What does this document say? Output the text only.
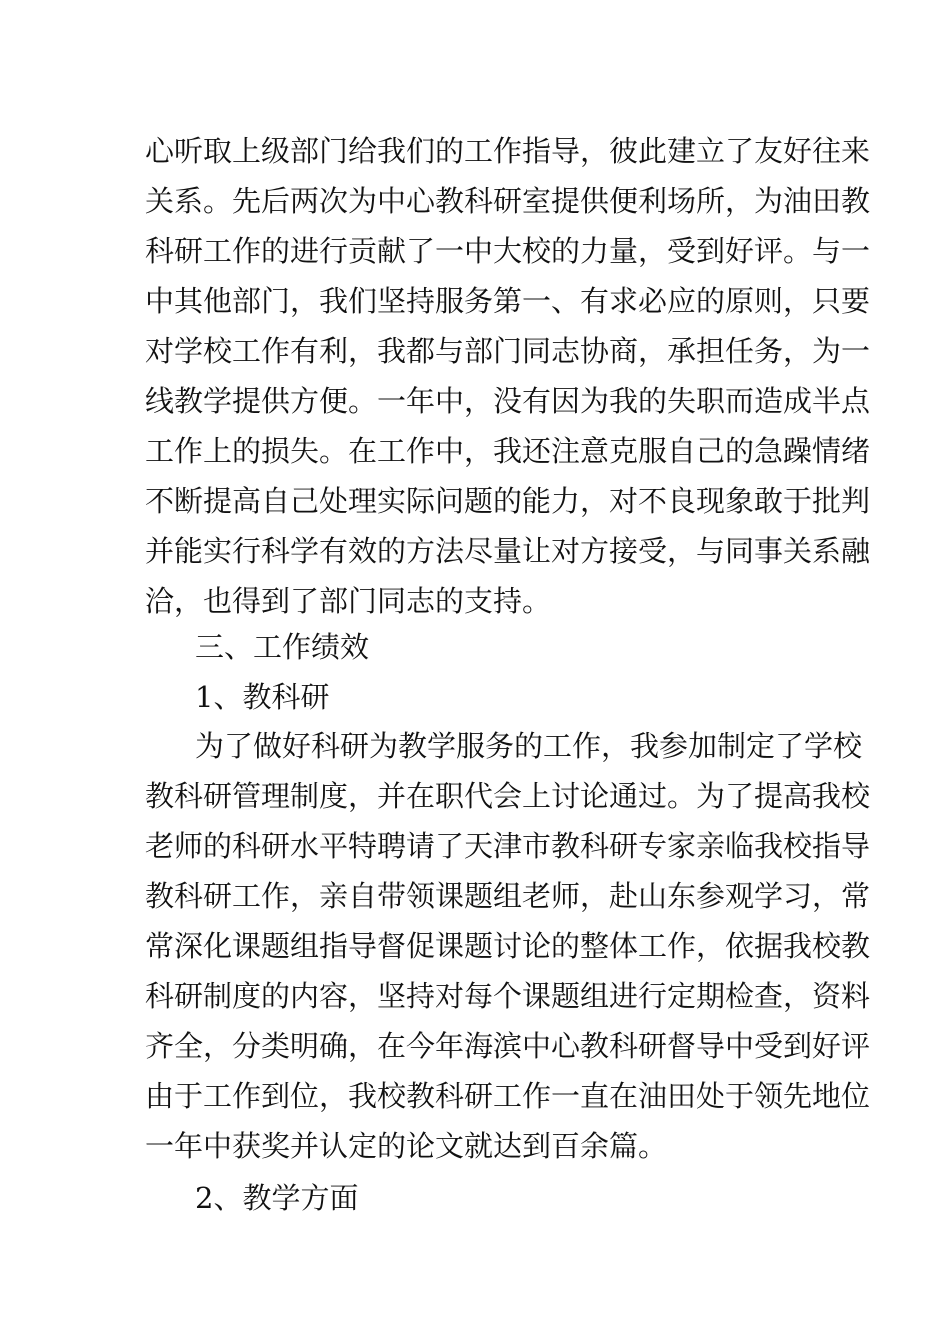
心听取上级部门给我们的工作指导，彼此建立了友好往来
关系。先后两次为中心教科研室提供便利场所，为油田教
科研工作的进行贡献了一中大校的力量，受到好评。与一
中其他部门，我们坚持服务第一、有求必应的原则，只要
对学校工作有利，我都与部门同志协商，承担任务，为一
线教学提供方便。一年中，没有因为我的失职而造成半点
工作上的损失。在工作中，我还注意克服自己的急躁情绪
不断提高自己处理实际问题的能力，对不良现象敢于批判
并能实行科学有效的方法尽量让对方接受，与同事关系融
洽，也得到了部门同志的支持。
三、工作绩效
1、教科研
为了做好科研为教学服务的工作，我参加制定了学校
教科研管理制度，并在职代会上讨论通过。为了提高我校
老师的科研水平特聘请了天津市教科研专家亲临我校指导
教科研工作，亲自带领课题组老师，赴山东参观学习，常
常深化课题组指导督促课题讨论的整体工作，依据我校教
科研制度的内容，坚持对每个课题组进行定期检查，资料
齐全，分类明确，在今年海滨中心教科研督导中受到好评
由于工作到位，我校教科研工作一直在油田处于领先地位
一年中获奖并认定的论文就达到百余篇。
2、教学方面
